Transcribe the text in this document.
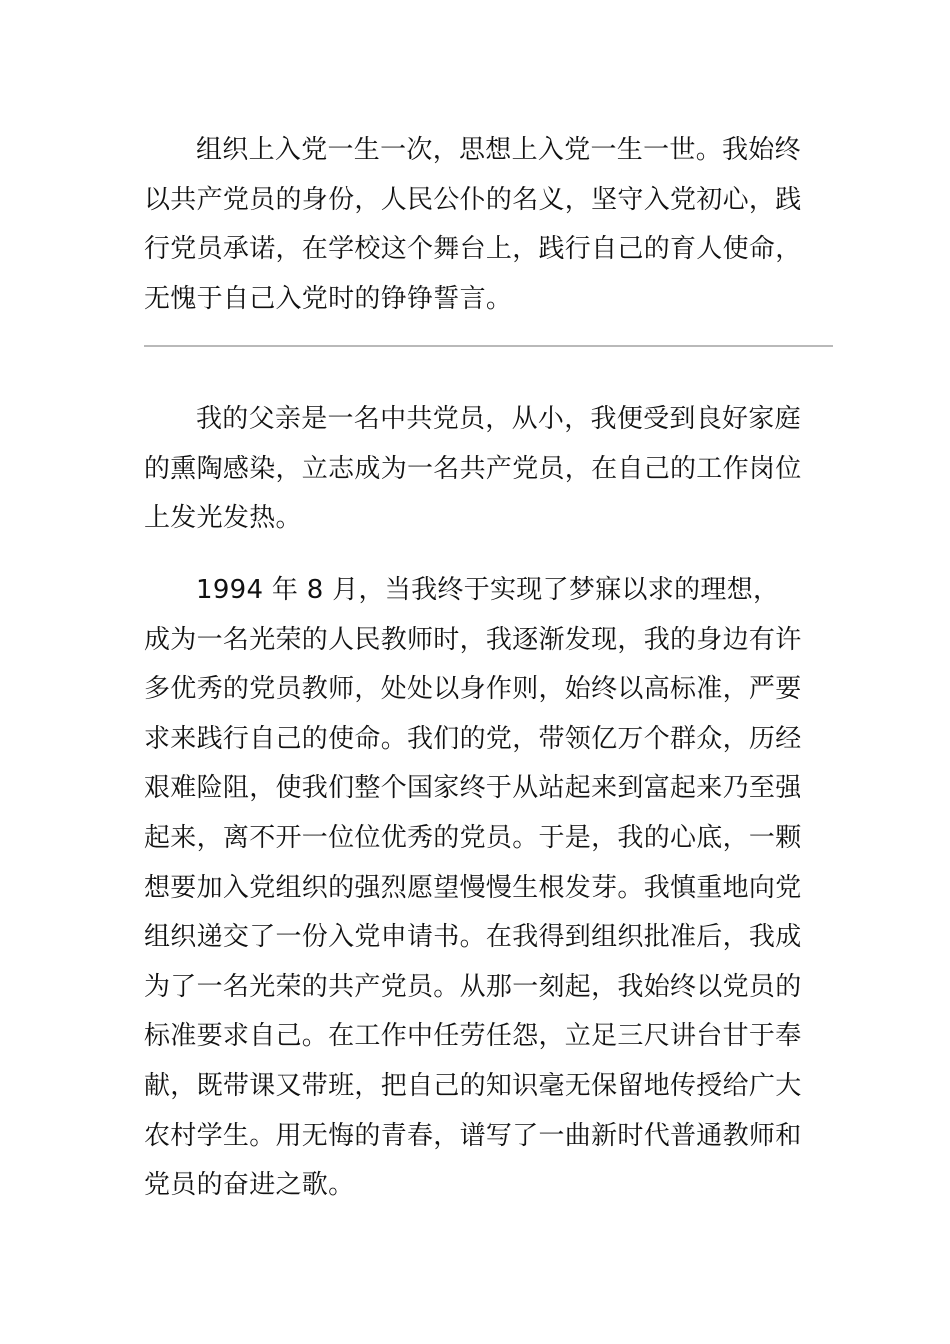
组织上入党一生一次，思想上入党一生一世。我始终以共产党员的身份，人民公仆的名义，坚守入党初心，践行党员承诺，在学校这个舞台上，践行自己的育人使命，无愧于自己入党时的铮铮誓言。

我的父亲是一名中共党员，从小，我便受到良好家庭的熏陶感染，立志成为一名共产党员，在自己的工作岗位上发光发热。

1994 年 8 月，当我终于实现了梦寐以求的理想，成为一名光荣的人民教师时，我逐渐发现，我的身边有许多优秀的党员教师，处处以身作则，始终以高标准，严要求来践行自己的使命。我们的党，带领亿万个群众，历经艰难险阻，使我们整个国家终于从站起来到富起来乃至强起来，离不开一位位优秀的党员。于是，我的心底，一颗想要加入党组织的强烈愿望慢慢生根发芽。我慎重地向党组织递交了一份入党申请书。在我得到组织批准后，我成为了一名光荣的共产党员。从那一刻起，我始终以党员的标准要求自己。在工作中任劳任怨，立足三尺讲台甘于奉献，既带课又带班，把自己的知识毫无保留地传授给广大农村学生。用无悔的青春，谱写了一曲新时代普通教师和党员的奋进之歌。
